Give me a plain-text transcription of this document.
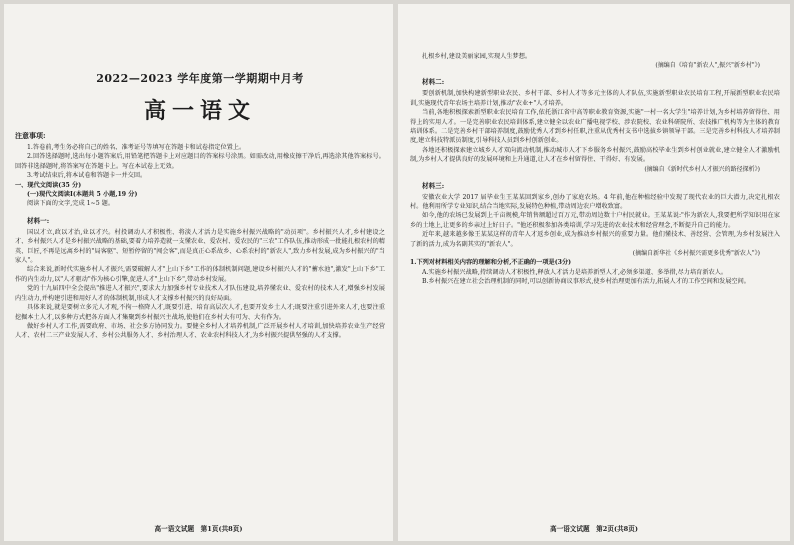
2022—2023 学年度第一学期期中月考
高一语文
注意事项:
1.答卷前,考生务必将自己的姓名、准考证号等填写在答题卡和试卷指定位置上。
2.回答选择题时,选出每小题答案后,用铅笔把答题卡上对应题目的答案标号涂黑。如需改动,用橡皮擦干净后,再选涂其他答案标号。回答非选择题时,将答案写在答题卡上。写在本试卷上无效。
3.考试结束后,将本试卷和答题卡一并交回。
一、现代文阅读(35 分)
(一)现代文阅读Ⅰ(本题共 5 小题,19 分)
阅读下面的文字,完成 1~5 题。
材料一:
国以才立,政以才治,业以才兴。村投调动人才积极性、将淡人才活力是实施乡村振兴战略的"动员项"。乡村振兴人才,乡村建设之才、乡村振兴人才是乡村振兴战略的基础,要着力培养造就一支懂农业、爱农村、爱农民的"三农"工作队伍,推动形成一批能扎根农村的精英、巨匠,不再是远离乡村的"局客驱"、短暂停留的"闯会客",而是真正心系故乡、心系农村的"新农人",致力乡村发展,成为乡村振兴的"当家人"。
综合来说,新时代实施乡村人才振兴,需要破解人才"上山下乡"工作的体制机制问题,建设乡村振兴人才的"蓄水池",激发"上山下乡"工作的内生动力,以"人才驱动"作为核心引擎,促进人才"上山下乡",带动乡村发展。
党的十九届四中全会提出"推进人才振兴",要求大力加强乡村专业技术人才队伍建设,培养懂农业、爱农村的技术人才,增强乡村发展内生动力,并构建引进和用好人才的体制机制,形成人才支撑乡村振兴的良好局面。
具体来说,就是要树立多元人才观,不拘一格降人才,既要引进、培育高层次人才,也要开发乡土人才;既要注重引进外来人才,也要注重挖掘本土人才,以多种方式把各方面人才集聚到乡村振兴主战场,使他们在乡村大有可为、大有作为。
做好乡村人才工作,需要政府、市场、社会多方协同发力。要健全乡村人才培养机制,广泛开展乡村人才培训,加快培养农业生产经营人才、农村二三产业发展人才、乡村公共服务人才、乡村治理人才、农业农村科技人才,为乡村振兴提供坚强的人才支撑。
高一语文试题　第1页(共8页)
扎根乡村,建设美丽家园,实现人生梦想。
(摘编自《培育"新农人",振兴"新乡村"》)
材料二:
要创新机制,加快构建新型职业农民、乡村干部、乡村人才等多元主体的人才队伍,实施新型职业农民培育工程,开展新型职业农民培训,实施现代青年农场主培养计划,推动"农业+"人才培养。
当前,各地积极探索新型职业农民培育工作,依托浙江省中高等职业教育资源,实施"一村一名大学生"培养计划,为乡村培养留得住、用得上的实用人才。一是完善职业农民培训体系,建立健全以农业广播电视学校、涉农院校、农业科研院所、农技推广机构等为主体的教育培训体系。二是完善乡村干部培养制度,鼓励优秀人才到乡村任职,注重从优秀村支书中选拔乡镇领导干部。三是完善乡村科技人才培养制度,建立科技特派员制度,引导科技人员到乡村创新创业。
各地还积极探索建立城乡人才双向流动机制,推动城市人才下乡服务乡村振兴,鼓励高校毕业生到乡村创业就业,建立健全人才激励机制,为乡村人才提供良好的发展环境和上升通道,让人才在乡村留得住、干得好、有发展。
(摘编自《新时代乡村人才振兴的路径探析》)
材料三:
安徽农业大学 2017 届毕业生王某某回到家乡,创办了家庭农场。4 年前,他在种植经验中发现了现代农业的巨大潜力,决定扎根农村。他利用所学专业知识,结合当地实际,发展特色种植,带动周边农户增收致富。
如今,他的农场已发展到上千亩规模,年销售额超过百万元,带动周边数十户村民就业。王某某说:"作为新农人,我要把所学知识用在家乡的土地上,让更多的乡亲过上好日子。"他还积极参加各类培训,学习先进的农业技术和经营理念,不断提升自己的能力。
近年来,越来越多像王某某这样的青年人才返乡创业,成为推动乡村振兴的重要力量。他们懂技术、善经营、会管理,为乡村发展注入了新的活力,成为名副其实的"新农人"。
(摘编自新华社《乡村振兴需更多优秀"新农人"》)
1.下列对材料相关内容的理解和分析,不正确的一项是(3分)
A.实施乡村振兴战略,持续调动人才积极性,释放人才活力是培养新型人才,必须多渠道、多举措,尽力培育新农人。
B.乡村振兴在建立社会治理机制的同时,可以创新协商议事形式,使乡村治理更加有活力,拓展人才的工作空间和发展空间。
高一语文试题　第2页(共8页)
